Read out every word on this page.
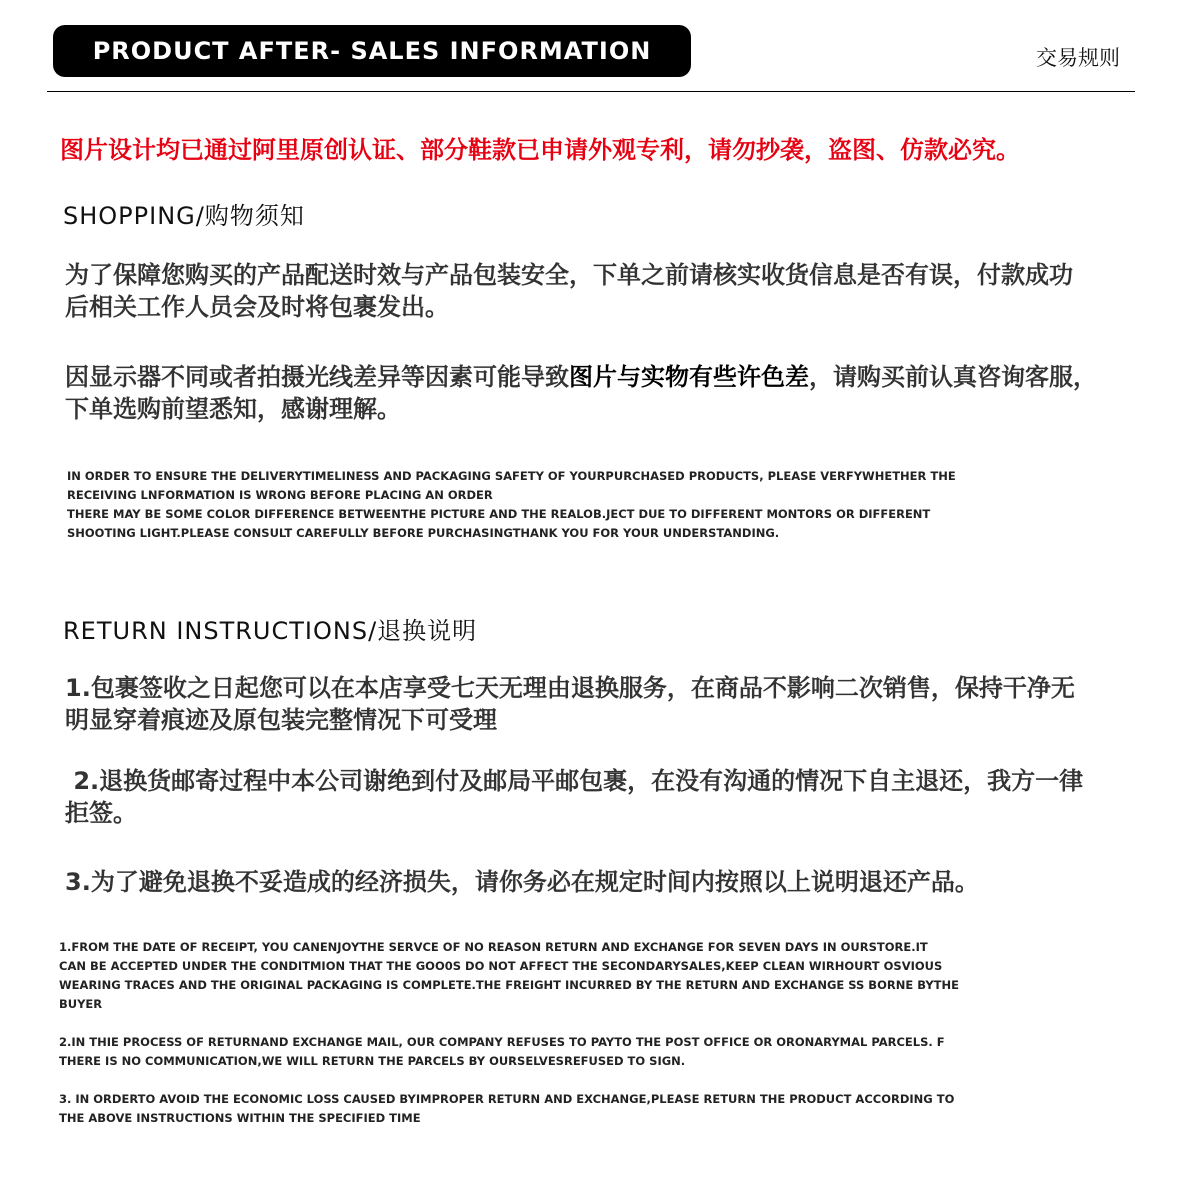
PRODUCT AFTER- SALES INFORMATION	交易规则
图片设计均已通过阿里原创认证、部分鞋款已申请外观专利，请勿抄袭，盗图、仿款必究。
SHOPPING/购物须知
为了保障您购买的产品配送时效与产品包装安全，下单之前请核实收货信息是否有误，付款成功
后相关工作人员会及时将包裹发出。
因显示器不同或者拍摄光线差异等因素可能导致图片与实物有些许色差，请购买前认真咨询客服，
下单选购前望悉知，感谢理解。
IN ORDER TO ENSURE THE DELIVERYTIMELINESS AND PACKAGING SAFETY OF YOURPURCHASED PRODUCTS, PLEASE VERFYWHETHER THE
RECEIVING LNFORMATION IS WRONG BEFORE PLACING AN ORDER
THERE MAY BE SOME COLOR DIFFERENCE BETWEENTHE PICTURE AND THE REALOB.JECT DUE TO DIFFERENT MONTORS OR DIFFERENT
SHOOTING LIGHT.PLEASE CONSULT CAREFULLY BEFORE PURCHASINGTHANK YOU FOR YOUR UNDERSTANDING.
RETURN INSTRUCTIONS/退换说明
1.包裹签收之日起您可以在本店享受七天无理由退换服务，在商品不影响二次销售，保持干净无
明显穿着痕迹及原包装完整情况下可受理
2.退换货邮寄过程中本公司谢绝到付及邮局平邮包裹，在没有沟通的情况下自主退还，我方一律
拒签。
3.为了避免退换不妥造成的经济损失，请你务必在规定时间内按照以上说明退还产品。
1.FROM THE DATE OF RECEIPT, YOU CANENJOYTHE SERVCE OF NO REASON RETURN AND EXCHANGE FOR SEVEN DAYS IN OURSTORE.IT
CAN BE ACCEPTED UNDER THE CONDITMION THAT THE GOO0S DO NOT AFFECT THE SECONDARYSALES,KEEP CLEAN WIRHOURT OSVIOUS
WEARING TRACES AND THE ORIGINAL PACKAGING IS COMPLETE.THE FREIGHT INCURRED BY THE RETURN AND EXCHANGE SS BORNE BYTHE
BUYER
2.IN THIE PROCESS OF RETURNAND EXCHANGE MAIL, OUR COMPANY REFUSES TO PAYTO THE POST OFFICE OR ORONARYMAL PARCELS. F
THERE IS NO COMMUNICATION,WE WILL RETURN THE PARCELS BY OURSELVESREFUSED TO SIGN.
3. IN ORDERTO AVOID THE ECONOMIC LOSS CAUSED BYIMPROPER RETURN AND EXCHANGE,PLEASE RETURN THE PRODUCT ACCORDING TO
THE ABOVE INSTRUCTIONS WITHIN THE SPECIFIED TIME
